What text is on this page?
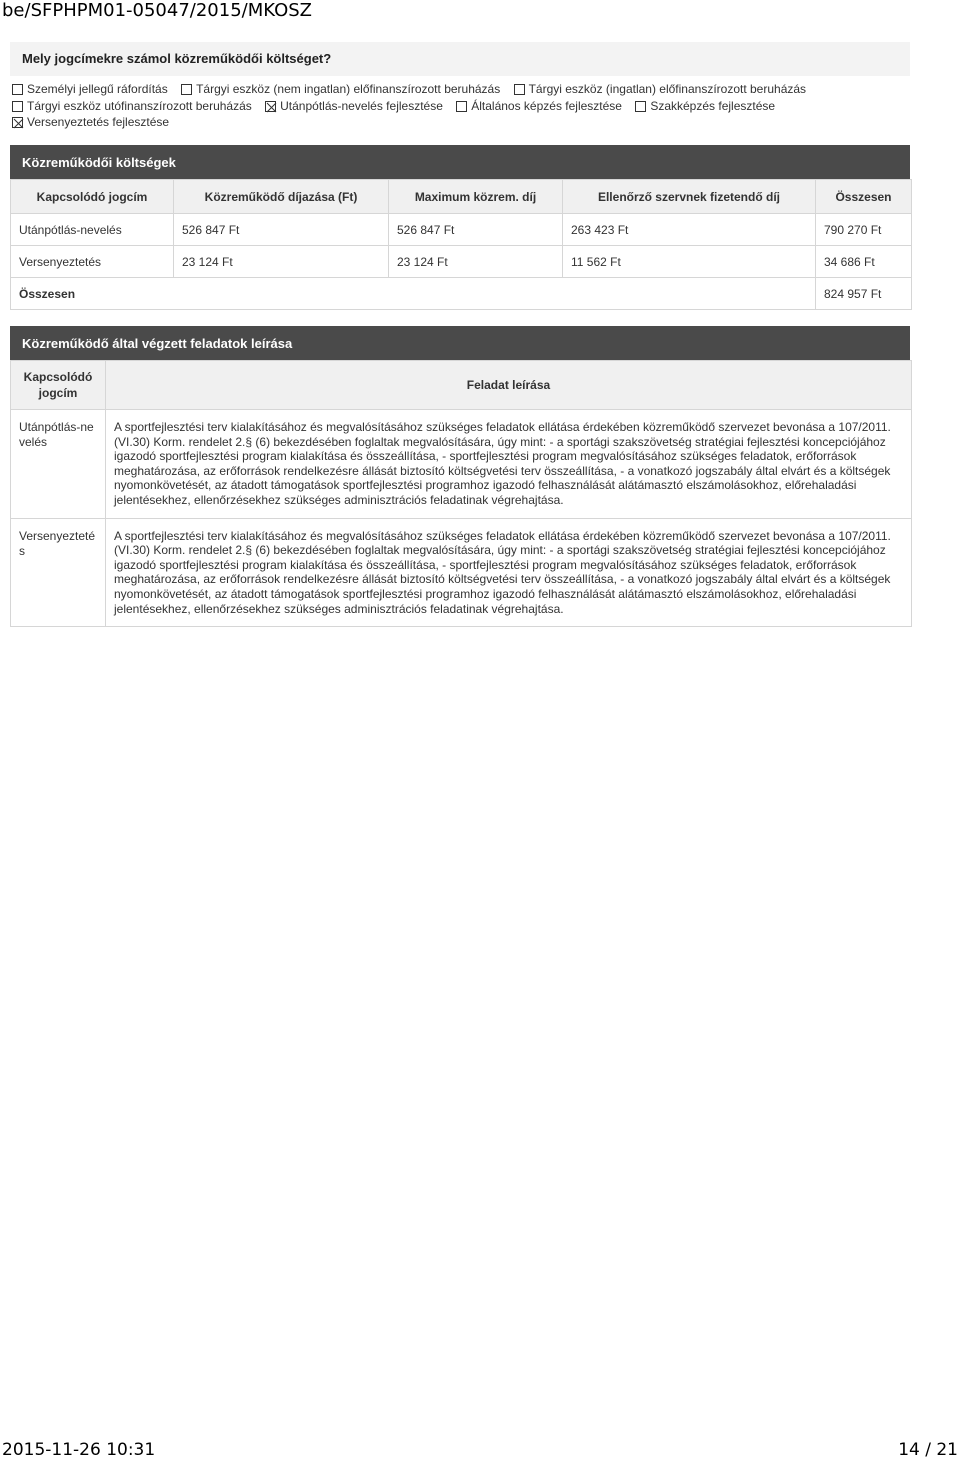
be/SFPHPM01-05047/2015/MKOSZ
Mely jogcímekre számol közreműködői költséget?
Személyi jellegű ráfordítás Tárgyi eszköz (nem ingatlan) előfinanszírozott beruházás Tárgyi eszköz (ingatlan) előfinanszírozott beruházás
Tárgyi eszköz utófinanszírozott beruházás Utánpótlás-nevelés fejlesztése Általános képzés fejlesztése Szakképzés fejlesztése

Versenyeztetés fejlesztése
Közreműködői költségek
Kapcsolódó jogcím	Közreműködő díjazása (Ft)	Maximum közrem. díj	Ellenőrző szervnek fizetendő díj	Összesen
Utánpótlás-nevelés	526 847 Ft	526 847 Ft	263 423 Ft	790 270 Ft
Versenyeztetés	23 124 Ft	23 124 Ft	11 562 Ft	34 686 Ft
Összesen				824 957 Ft
Közreműködő által végzett feladatok leírása
Kapcsolódó jogcím	Feladat leírása
Utánpótlás-nevelés	A sportfejlesztési terv kialakításához és megvalósításához szükséges feladatok ellátása érdekében közreműködő szervezet bevonása a 107/2011. (VI.30) Korm. rendelet 2.§ (6) bekezdésében foglaltak megvalósítására, úgy mint: - a sportági szakszövetség stratégiai fejlesztési koncepciójához igazodó sportfejlesztési program kialakítása és összeállítása, - sportfejlesztési program megvalósításához szükséges feladatok, erőforrások meghatározása, az erőforrások rendelkezésre állását biztosító költségvetési terv összeállítása, - a vonatkozó jogszabály által elvárt és a költségek nyomonkövetését, az átadott támogatások sportfejlesztési programhoz igazodó felhasználását alátámasztó elszámolásokhoz, előrehaladási jelentésekhez, ellenőrzésekhez szükséges adminisztrációs feladatinak végrehajtása.
Versenyeztetés	A sportfejlesztési terv kialakításához és megvalósításához szükséges feladatok ellátása érdekében közreműködő szervezet bevonása a 107/2011. (VI.30) Korm. rendelet 2.§ (6) bekezdésében foglaltak megvalósítására, úgy mint: - a sportági szakszövetség stratégiai fejlesztési koncepciójához igazodó sportfejlesztési program kialakítása és összeállítása, - sportfejlesztési program megvalósításához szükséges feladatok, erőforrások meghatározása, az erőforrások rendelkezésre állását biztosító költségvetési terv összeállítása, - a vonatkozó jogszabály által elvárt és a költségek nyomonkövetését, az átadott támogatások sportfejlesztési programhoz igazodó felhasználását alátámasztó elszámolásokhoz, előrehaladási jelentésekhez, ellenőrzésekhez szükséges adminisztrációs feladatinak végrehajtása.
2015-11-26 10:31	14 / 21
